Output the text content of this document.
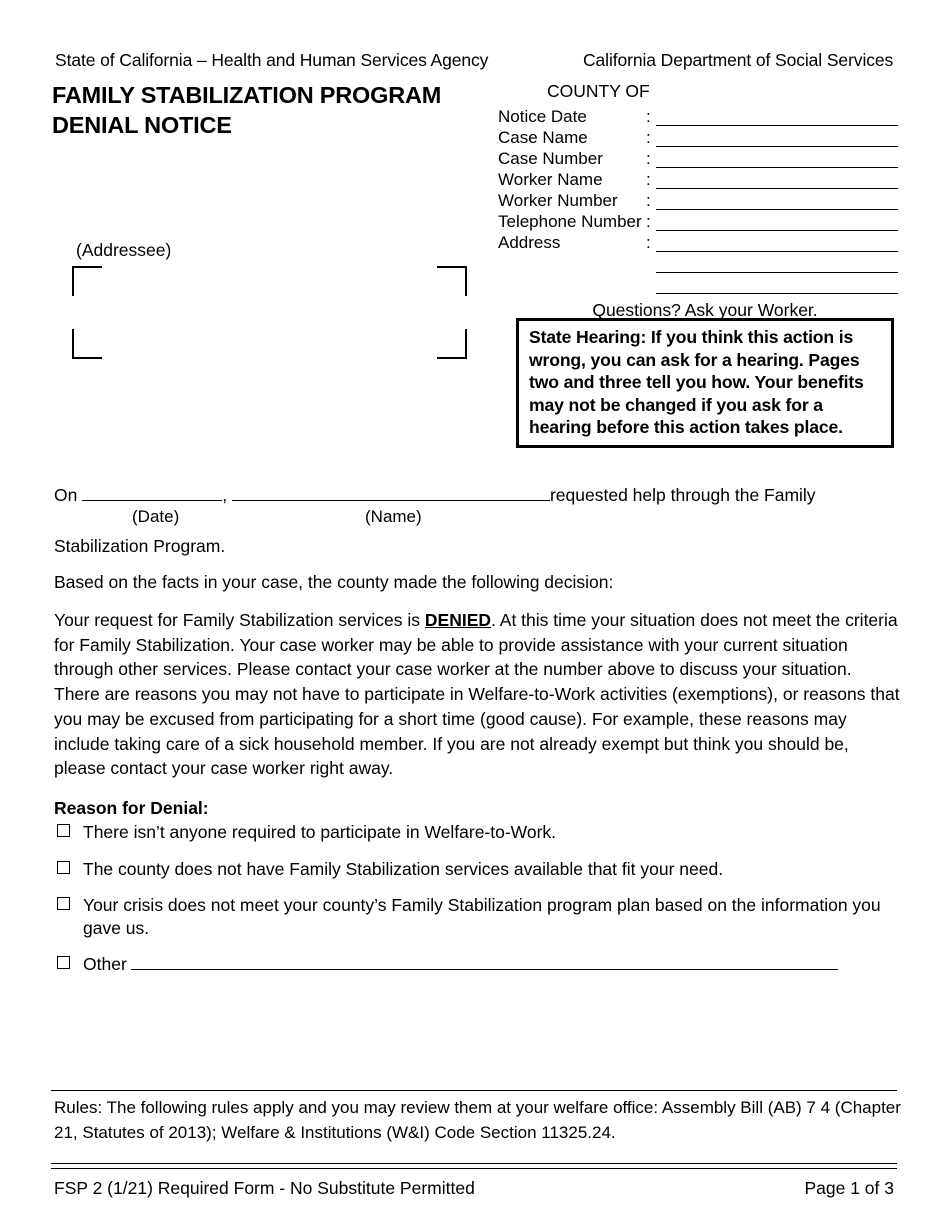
State of California – Health and Human Services Agency	California Department of Social Services
FAMILY STABILIZATION PROGRAM
DENIAL NOTICE
COUNTY OF
Notice Date	:
Case Name	:
Case Number	:
Worker Name	:
Worker Number :
Telephone Number :
Address	:
(Addressee)
Questions? Ask your Worker.
State Hearing: If you think this action is wrong, you can ask for a hearing. Pages two and three tell you how. Your benefits may not be changed if you ask for a hearing before this action takes place.
On	,	requested help through the Family
(Date)	(Name)
Stabilization Program.
Based on the facts in your case, the county made the following decision:
Your request for Family Stabilization services is DENIED. At this time your situation does not meet the criteria for Family Stabilization. Your case worker may be able to provide assistance with your current situation through other services. Please contact your case worker at the number above to discuss your situation. There are reasons you may not have to participate in Welfare-to-Work activities (exemptions), or reasons that you may be excused from participating for a short time (good cause). For example, these reasons may include taking care of a sick household member. If you are not already exempt but think you should be, please contact your case worker right away.
Reason for Denial:
There isn’t anyone required to participate in Welfare-to-Work.
The county does not have Family Stabilization services available that fit your need.
Your crisis does not meet your county’s Family Stabilization program plan based on the information you gave us.
Other
Rules: The following rules apply and you may review them at your welfare office: Assembly Bill (AB) 7 4 (Chapter 21, Statutes of 2013); Welfare & Institutions (W&I) Code Section 11325.24.
FSP 2 (1/21) Required Form - No Substitute Permitted	Page 1 of 3
